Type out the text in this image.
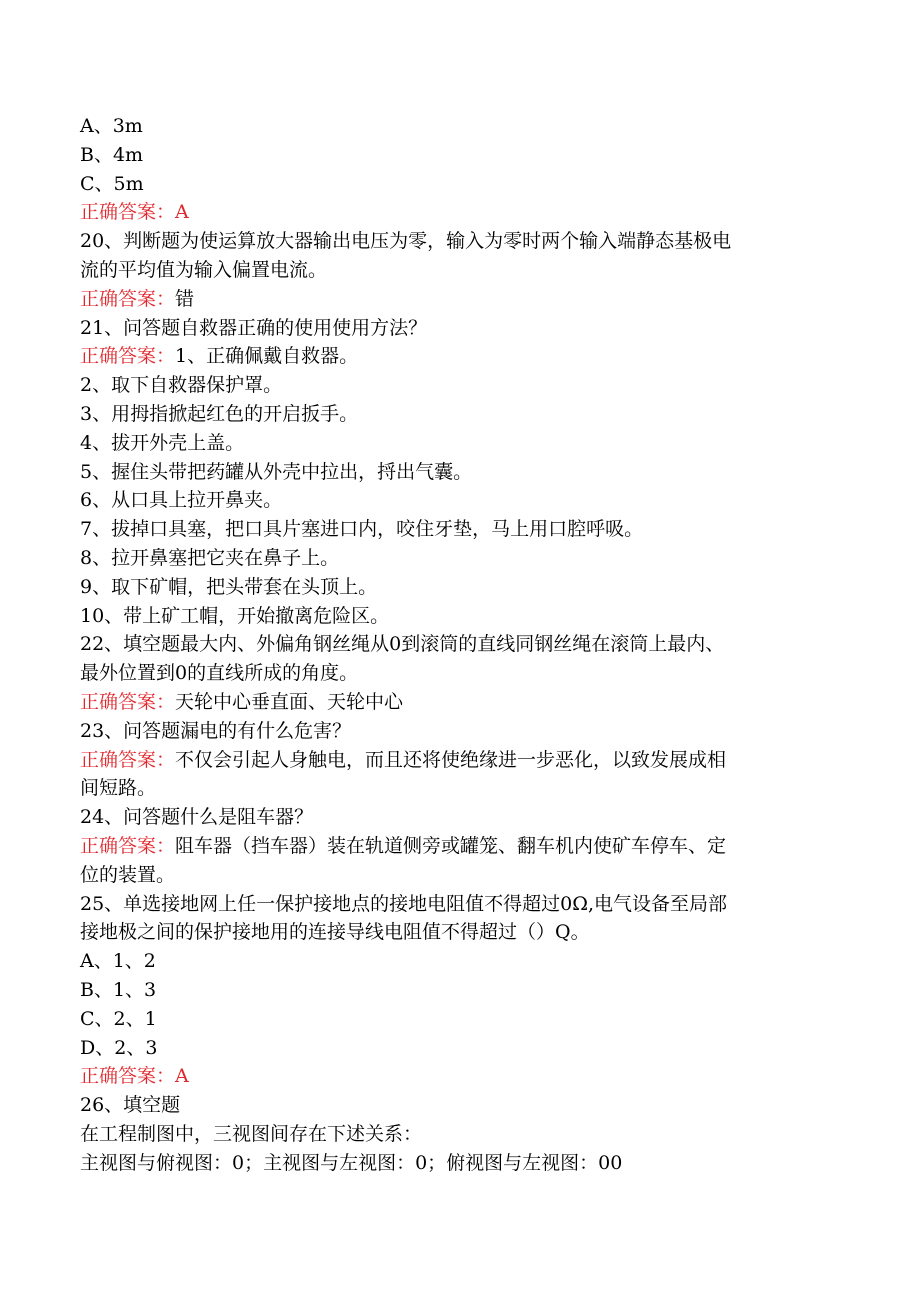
A、3m

B、4m

C、5m

正确答案：A

20、判断题为使运算放大器输出电压为零，输入为零时两个输入端静态基极电

流的平均值为输入偏置电流。

正确答案：错

21、问答题自救器正确的使用使用方法？

正确答案：1、正确佩戴自救器。

2、取下自救器保护罩。

3、用拇指掀起红色的开启扳手。

4、拔开外壳上盖。

5、握住头带把药罐从外壳中拉出，捋出气囊。

6、从口具上拉开鼻夹。

7、拔掉口具塞，把口具片塞进口内，咬住牙垫，马上用口腔呼吸。

8、拉开鼻塞把它夹在鼻子上。

9、取下矿帽，把头带套在头顶上。

10、带上矿工帽，开始撤离危险区。

22、填空题最大内、外偏角钢丝绳从0到滚筒的直线同钢丝绳在滚筒上最内、

最外位置到0的直线所成的角度。

正确答案：天轮中心垂直面、天轮中心

23、问答题漏电的有什么危害？

正确答案：不仅会引起人身触电，而且还将使绝缘进一步恶化，以致发展成相

间短路。

24、问答题什么是阻车器？

正确答案：阻车器（挡车器）装在轨道侧旁或罐笼、翻车机内使矿车停车、定

位的装置。

25、单选接地网上任一保护接地点的接地电阻值不得超过0Ω,电气设备至局部

接地极之间的保护接地用的连接导线电阻值不得超过（）Q。

A、1、2

B、1、3

C、2、1

D、2、3

正确答案：A

26、填空题

在工程制图中，三视图间存在下述关系：

主视图与俯视图：0；主视图与左视图：0；俯视图与左视图：00
